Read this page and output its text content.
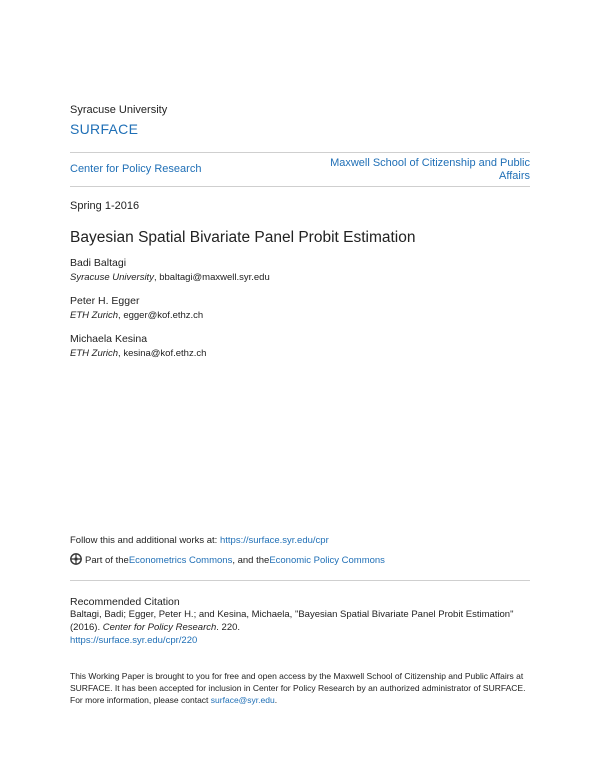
Syracuse University
SURFACE
Center for Policy Research	Maxwell School of Citizenship and Public Affairs
Spring 1-2016
Bayesian Spatial Bivariate Panel Probit Estimation
Badi Baltagi
Syracuse University, bbaltagi@maxwell.syr.edu
Peter H. Egger
ETH Zurich, egger@kof.ethz.ch
Michaela Kesina
ETH Zurich, kesina@kof.ethz.ch
Follow this and additional works at: https://surface.syr.edu/cpr
Part of the Econometrics Commons , and the Economic Policy Commons
Recommended Citation
Baltagi, Badi; Egger, Peter H.; and Kesina, Michaela, "Bayesian Spatial Bivariate Panel Probit Estimation" (2016). Center for Policy Research. 220.
https://surface.syr.edu/cpr/220
This Working Paper is brought to you for free and open access by the Maxwell School of Citizenship and Public Affairs at SURFACE. It has been accepted for inclusion in Center for Policy Research by an authorized administrator of SURFACE. For more information, please contact surface@syr.edu.
